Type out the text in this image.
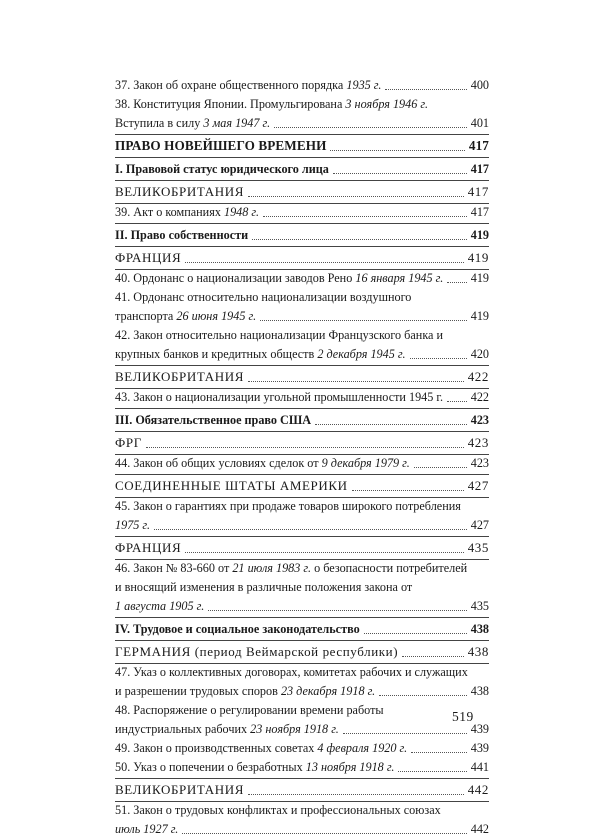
37. Закон об охране общественного порядка 1935 г.	400
38. Конституция Японии. Промульгирована 3 ноября 1946 г.
Вступила в силу 3 мая 1947 г.	401
ПРАВО НОВЕЙШЕГО ВРЕМЕНИ	417
I. Правовой статус юридического лица	417
ВЕЛИКОБРИТАНИЯ	417
39. Акт о компаниях 1948 г.	417
II. Право собственности	419
ФРАНЦИЯ	419
40. Ордонанс о национализации заводов Рено 16 января 1945 г. 419
41. Ордонанс относительно национализации воздушного
транспорта 26 июня 1945 г.	419
42. Закон относительно национализации Французского банка и
крупных банков и кредитных обществ 2 декабря 1945 г.	420
ВЕЛИКОБРИТАНИЯ	422
43. Закон о национализации угольной промышленности 1945 г. 422
III. Обязательственное право США	423
ФРГ	423
44. Закон об общих условиях сделок от 9 декабря 1979 г.	423
СОЕДИНЕННЫЕ ШТАТЫ АМЕРИКИ	427
45. Закон о гарантиях при продаже товаров широкого потребления
1975 г.	427
ФРАНЦИЯ	435
46. Закон № 83-660 от 21 июля 1983 г. о безопасности потребителей
и вносящий изменения в различные положения закона от
1 августа 1905 г.	435
IV. Трудовое и социальное законодательство	438
ГЕРМАНИЯ (период Веймарской республики)	438
47. Указ о коллективных договорах, комитетах рабочих и служащих
и разрешении трудовых споров 23 декабря 1918 г.	438
48. Распоряжение о регулировании времени работы
индустриальных рабочих 23 ноября 1918 г.	439
49. Закон о производственных советах 4 февраля 1920 г.	439
50. Указ о попечении о безработных 13 ноября 1918 г.	441
ВЕЛИКОБРИТАНИЯ	442
51. Закон о трудовых конфликтах и профессиональных союзах
июль 1927 г.	442
519
